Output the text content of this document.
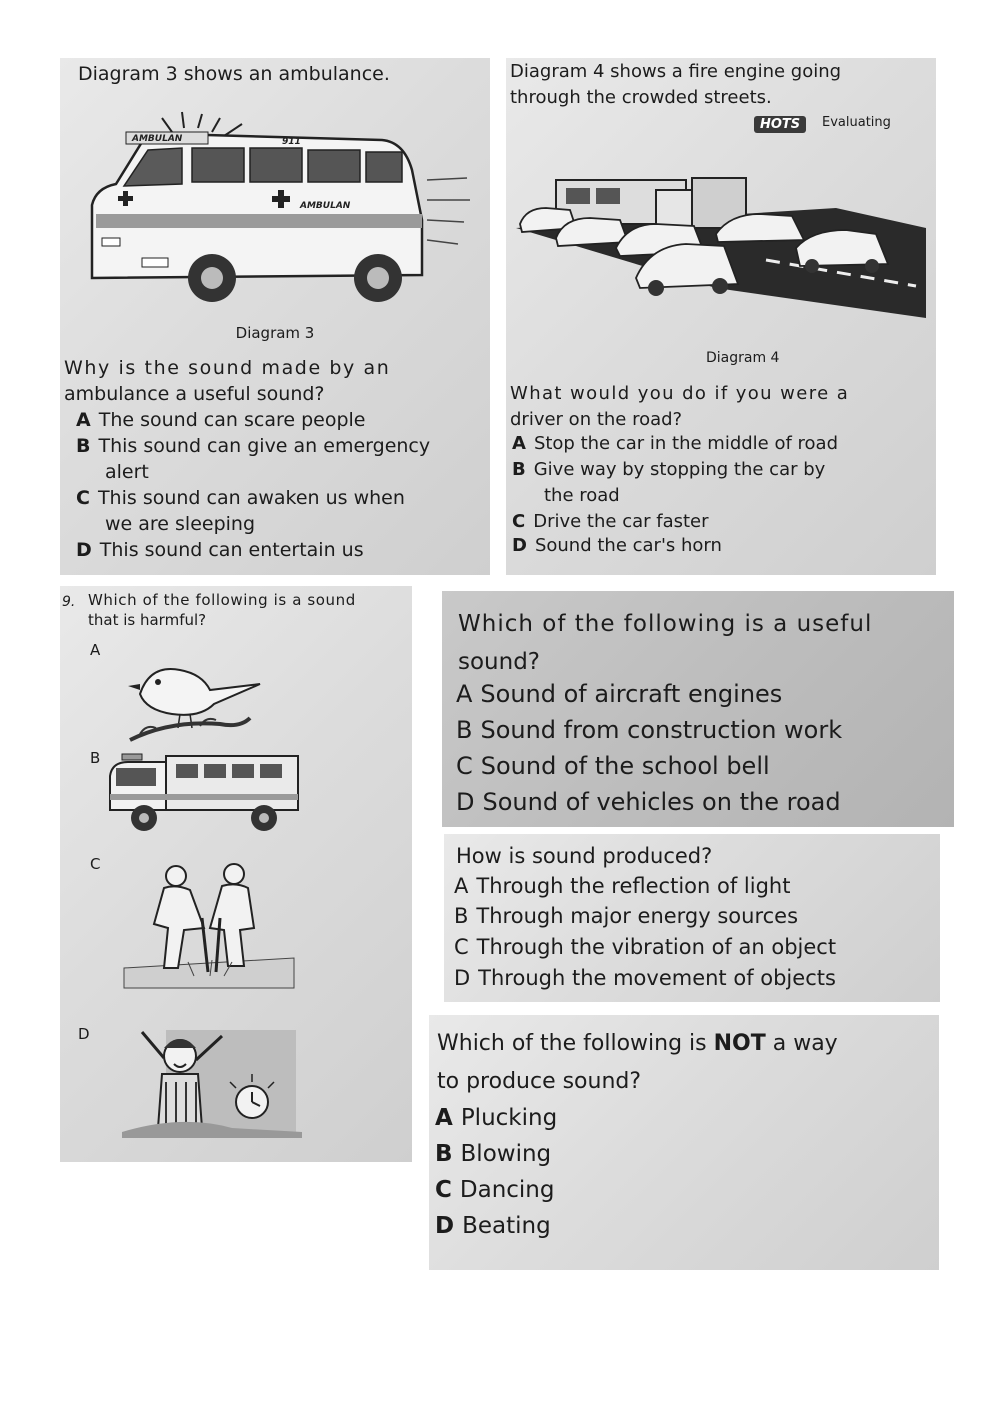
Diagram 3 shows an ambulance.
AMBULAN	911
AMBULAN
Diagram 3
Why is the sound made by an
ambulance a useful sound?
A The sound can scare people
B This sound can give an emergency
alert
C This sound can awaken us when
we are sleeping
D This sound can entertain us
Diagram 4 shows a fire engine going
through the crowded streets.
HOTS	Evaluating
Diagram 4
What would you do if you were a
driver on the road?
A Stop the car in the middle of road
B Give way by stopping the car by
the road
C Drive the car faster
D Sound the car's horn
9. Which of the following is a sound
that is harmful?
A
B
C
D
Which of the following is a useful
sound?
A Sound of aircraft engines
B Sound from construction work
C Sound of the school bell
D Sound of vehicles on the road
How is sound produced?
A Through the reflection of light
B Through major energy sources
C Through the vibration of an object
D Through the movement of objects
Which of the following is NOT a way
to produce sound?
A Plucking
B Blowing
C Dancing
D Beating
